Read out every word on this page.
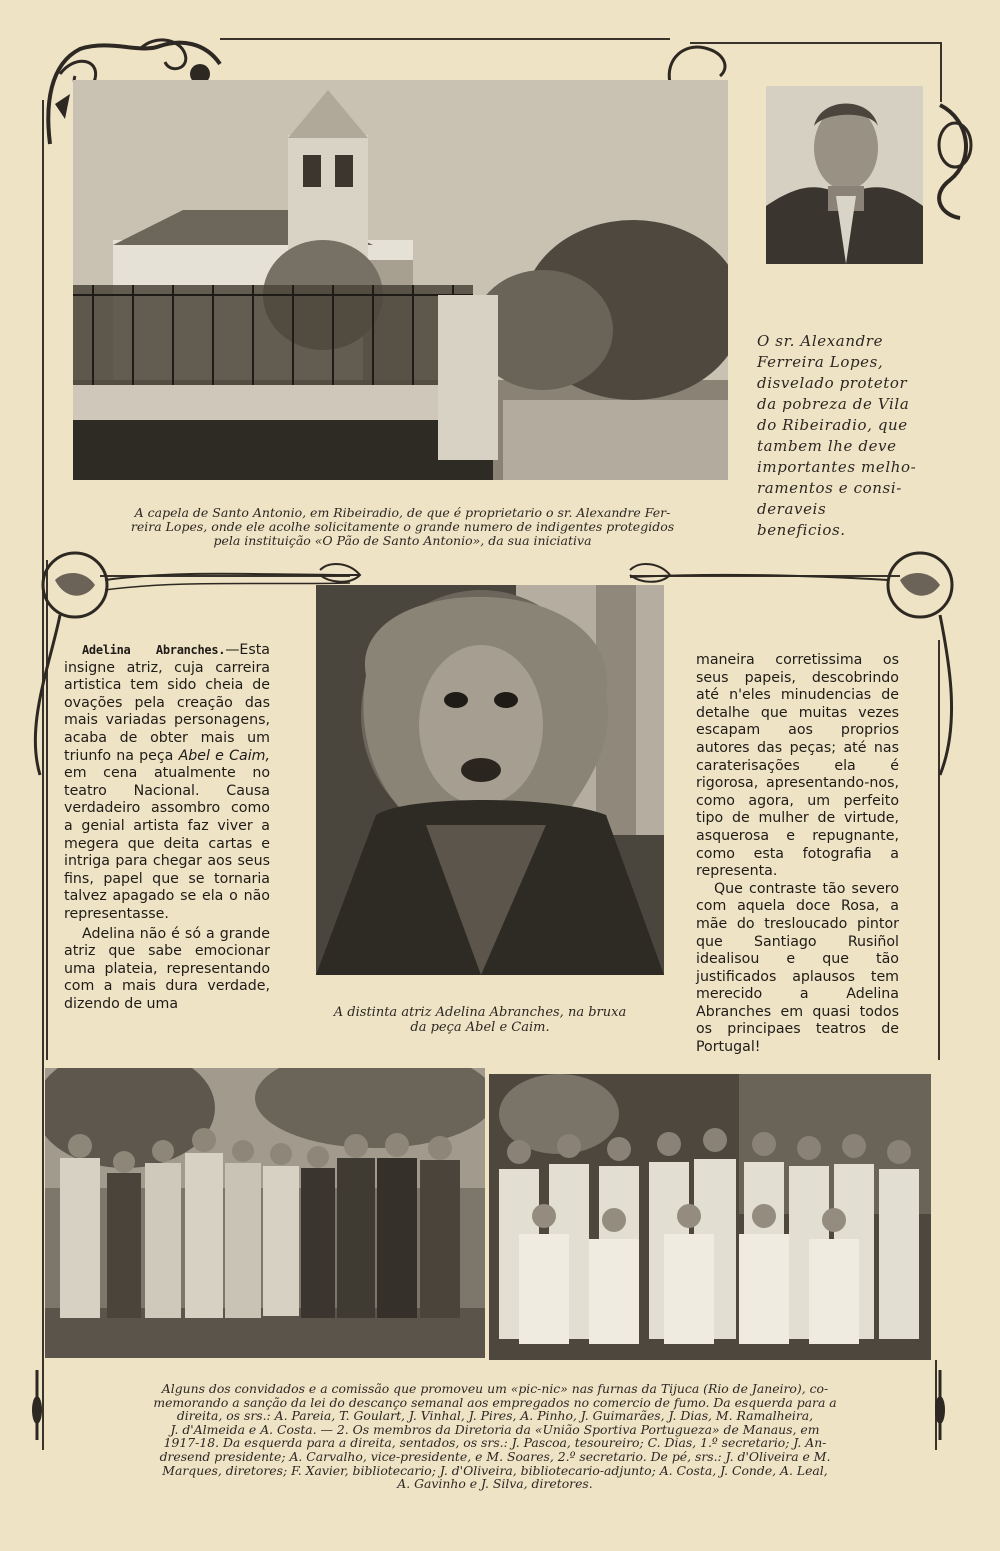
O sr. Alexandre
Ferreira Lopes,
disvelado protetor
da pobreza de Vila
do Ribeiradio, que
tambem lhe deve
importantes melho-
ramentos e consi-
deraveis beneficios.
A capela de Santo Antonio, em Ribeiradio, de que é proprietario o sr. Alexandre Fer-
reira Lopes, onde ele acolhe solicitamente o grande numero de indigentes protegidos
pela instituição «O Pão de Santo Antonio», da sua iniciativa
A distinta atriz Adelina Abranches, na bruxa
da peça Abel e Caim.

Adelina Abranches.—Esta insigne atriz, cuja carreira artistica tem sido cheia de ovações pela creação das mais variadas personagens, acaba de obter mais um triunfo na peça Abel e Caim, em cena atualmente no teatro Nacional. Causa verdadeiro assombro como a genial artista faz viver a megera que deita cartas e intriga para chegar aos seus fins, papel que se tornaria talvez apagado se ela o não representasse.

Adelina não é só a grande atriz que sabe emocionar uma plateia, representando com a mais dura verdade, dizendo de uma

maneira corretissima os seus papeis, descobrindo até n'eles minudencias de detalhe que muitas vezes escapam aos proprios autores das peças; até nas caraterisações ela é rigorosa, apresentando-nos, como agora, um perfeito tipo de mulher de virtude, asquerosa e repugnante, como esta fotografia a representa.

Que contraste tão severo com aquela doce Rosa, a mãe do tresloucado pintor que Santiago Rusiñol idealisou e que tão justificados aplausos tem merecido a Adelina Abranches em quasi todos os principaes teatros de Portugal!

Alguns dos convidados e a comissão que promoveu um «pic-nic» nas furnas da Tijuca (Rio de Janeiro), co-
memorando a sanção da lei do descanço semanal aos empregados no comercio de fumo. Da esquerda para a
direita, os srs.: A. Pareia, T. Goulart, J. Vinhal, J. Pires, A. Pinho, J. Guimarães, J. Dias, M. Ramalheira,
J. d'Almeida e A. Costa. — 2. Os membros da Diretoria da «União Sportiva Portugueza» de Manaus, em
1917-18. Da esquerda para a direita, sentados, os srs.: J. Pascoa, tesoureiro; C. Dias, 1.º secretario; J. An-
dresend presidente; A. Carvalho, vice-presidente, e M. Soares, 2.º secretario. De pé, srs.: J. d'Oliveira e M.
Marques, diretores; F. Xavier, bibliotecario; J. d'Oliveira, bibliotecario-adjunto; A. Costa, J. Conde, A. Leal,
A. Gavinho e J. Silva, diretores.
